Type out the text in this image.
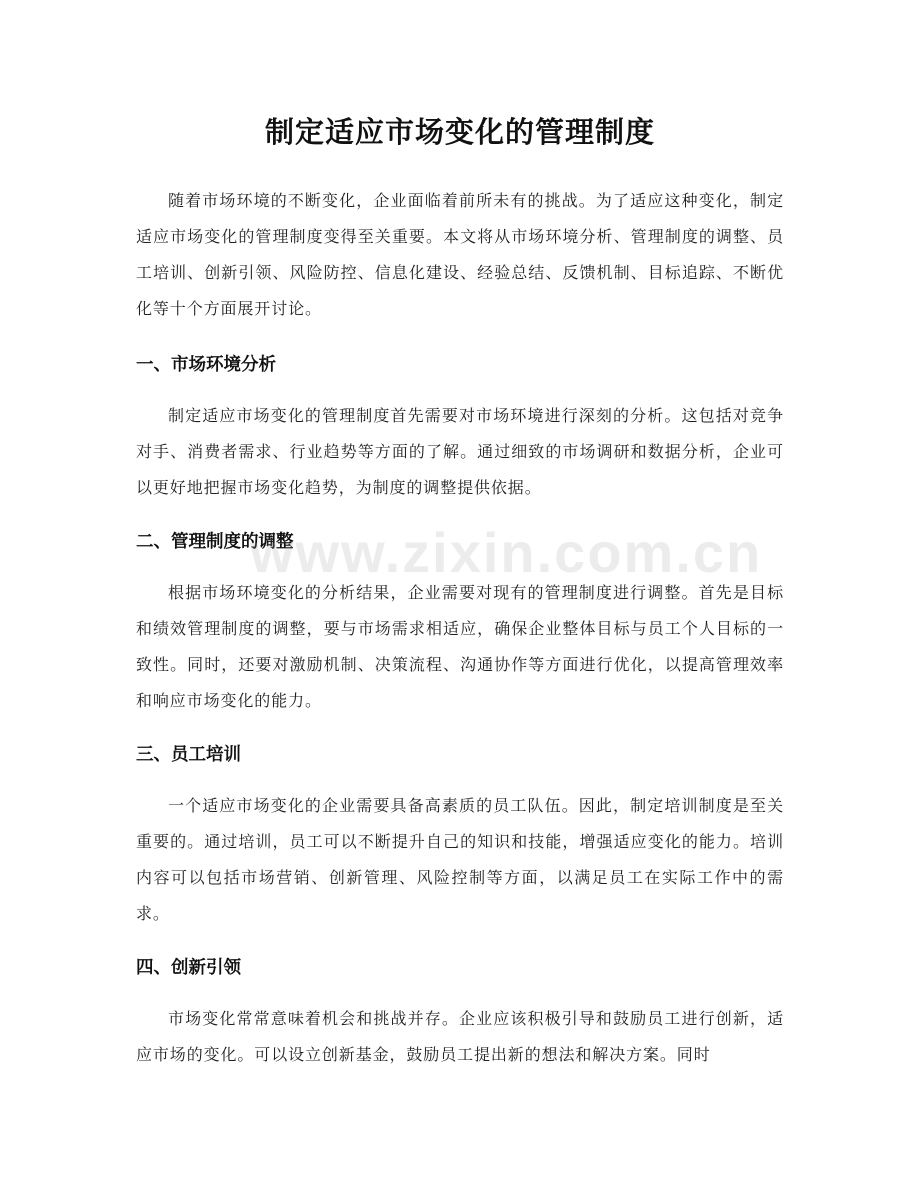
制定适应市场变化的管理制度

随着市场环境的不断变化，企业面临着前所未有的挑战。为了适应这种变化，制定适应市场变化的管理制度变得至关重要。本文将从市场环境分析、管理制度的调整、员工培训、创新引领、风险防控、信息化建设、经验总结、反馈机制、目标追踪、不断优化等十个方面展开讨论。

一、市场环境分析

制定适应市场变化的管理制度首先需要对市场环境进行深刻的分析。这包括对竞争对手、消费者需求、行业趋势等方面的了解。通过细致的市场调研和数据分析，企业可以更好地把握市场变化趋势，为制度的调整提供依据。

二、管理制度的调整

根据市场环境变化的分析结果，企业需要对现有的管理制度进行调整。首先是目标和绩效管理制度的调整，要与市场需求相适应，确保企业整体目标与员工个人目标的一致性。同时，还要对激励机制、决策流程、沟通协作等方面进行优化，以提高管理效率和响应市场变化的能力。

三、员工培训

一个适应市场变化的企业需要具备高素质的员工队伍。因此，制定培训制度是至关重要的。通过培训，员工可以不断提升自己的知识和技能，增强适应变化的能力。培训内容可以包括市场营销、创新管理、风险控制等方面，以满足员工在实际工作中的需求。

四、创新引领

市场变化常常意味着机会和挑战并存。企业应该积极引导和鼓励员工进行创新，适应市场的变化。可以设立创新基金，鼓励员工提出新的想法和解决方案。同时

www.zixin.com.cn
